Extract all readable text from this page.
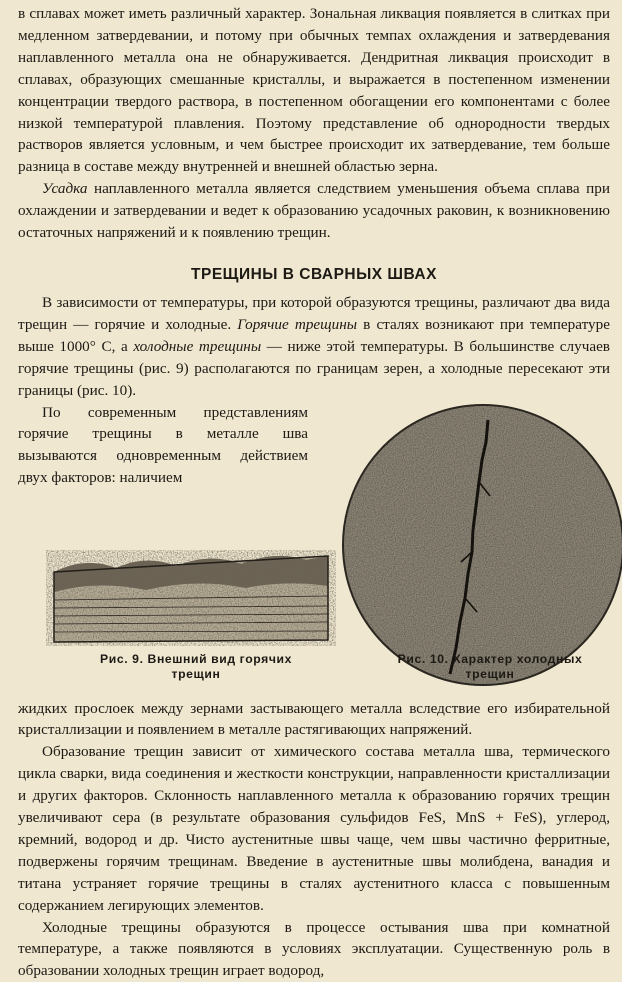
в сплавах может иметь различный характер. Зональная ликвация появляется в слитках при медленном затвердевании, и потому при обычных темпах охлаждения и затвердевания наплавленного металла она не обнаруживается. Дендритная ликвация происходит в сплавах, образующих смешанные кристаллы, и выражается в постепенном изменении концентрации твердого раствора, в постепенном обогащении его компонентами с более низкой температурой плавления. Поэтому представление об однородности твердых растворов является условным, и чем быстрее происходит их затвердевание, тем больше разница в составе между внутренней и внешней областью зерна.

Усадка наплавленного металла является следствием уменьшения объема сплава при охлаждении и затвердевании и ведет к образованию усадочных раковин, к возникновению остаточных напряжений и к появлению трещин.

ТРЕЩИНЫ В СВАРНЫХ ШВАХ

В зависимости от температуры, при которой образуются трещины, различают два вида трещин — горячие и холодные. Горячие трещины в сталях возникают при температуре выше 1000° С, а холодные трещины — ниже этой температуры. В большинстве случаев горячие трещины (рис. 9) располагаются по границам зерен, а холодные пересекают эти границы (рис. 10).

По современным представлениям горячие трещины в металле шва вызываются одновременным действием двух факторов: наличием

Рис. 9. Внешний вид горячих
трещин
Рис. 10. Характер холодных
трещин

жидких прослоек между зернами застывающего металла вследствие его избирательной кристаллизации и появлением в металле растягивающих напряжений.

Образование трещин зависит от химического состава металла шва, термического цикла сварки, вида соединения и жесткости конструкции, направленности кристаллизации и других факторов. Склонность наплавленного металла к образованию горячих трещин увеличивают сера (в результате образования сульфидов FeS, MnS + FeS), углерод, кремний, водород и др. Чисто аустенитные швы чаще, чем швы частично ферритные, подвержены горячим трещинам. Введение в аустенитные швы молибдена, ванадия и титана устраняет горячие трещины в сталях аустенитного класса с повышенным содержанием легирующих элементов.

Холодные трещины образуются в процессе остывания шва при комнатной температуре, а также появляются в условиях эксплуатации. Существенную роль в образовании холодных трещин играет водород,
